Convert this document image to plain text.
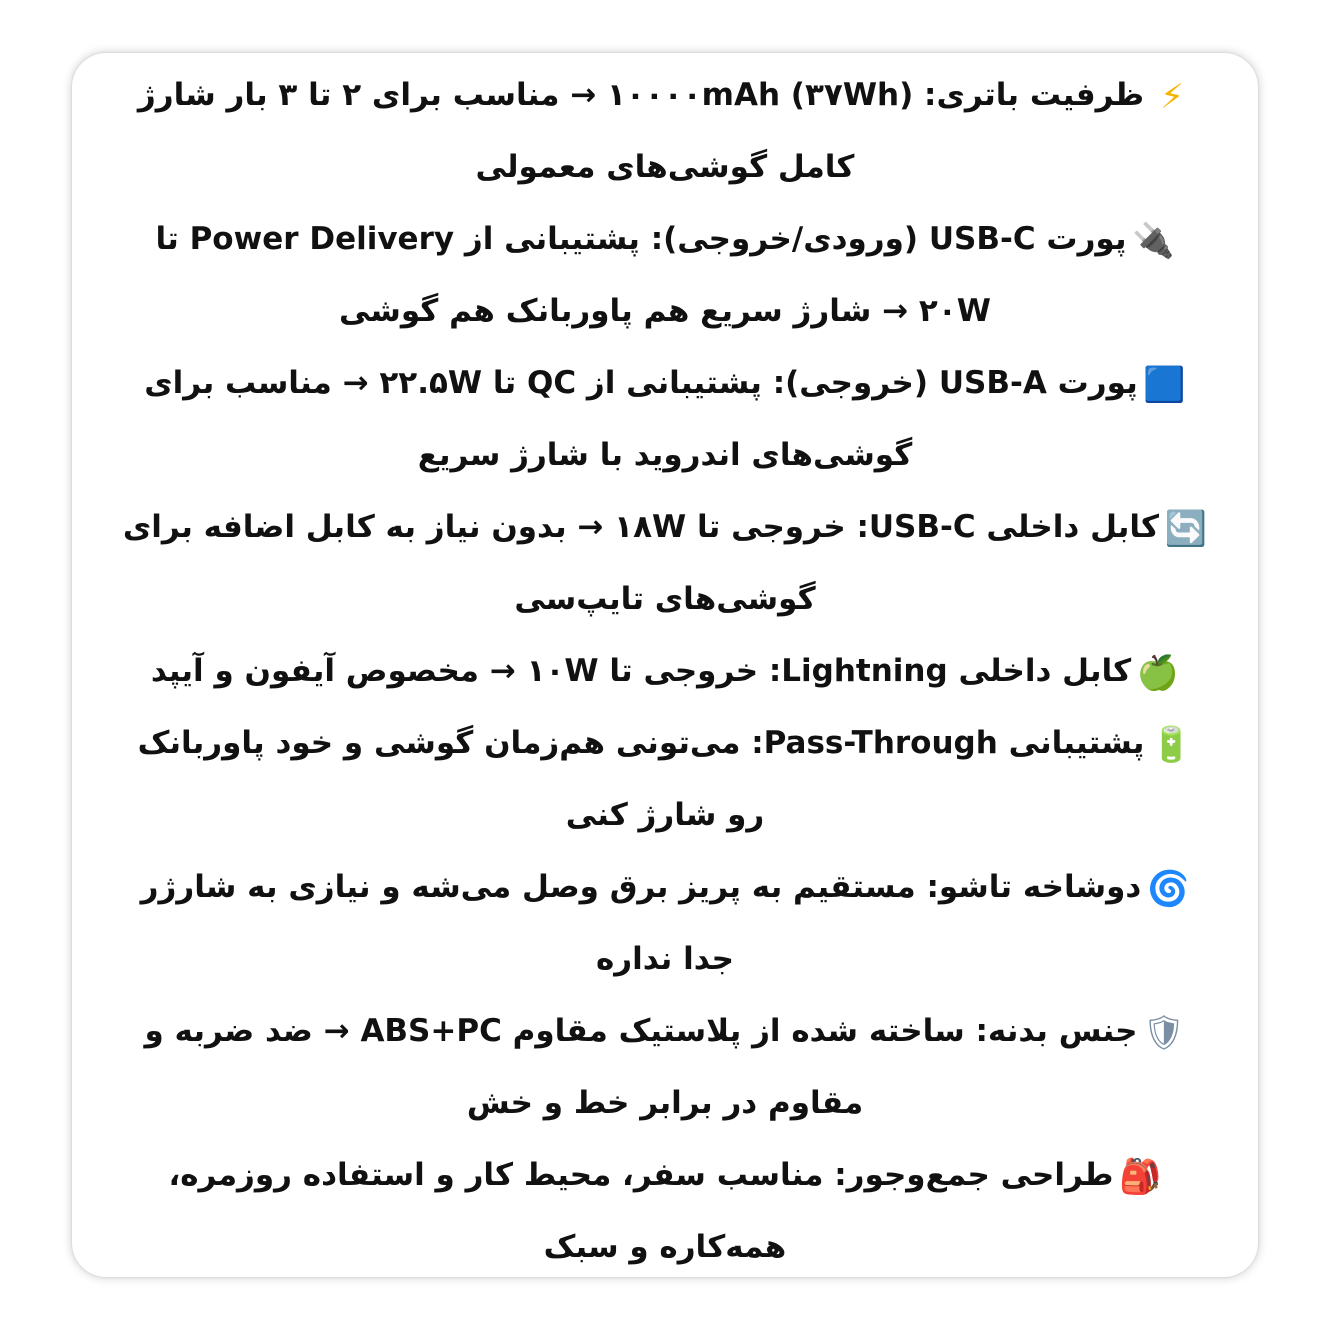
⚡ظرفیت باتری: ۱۰۰۰۰mAh (۳۷Wh) → مناسب برای ۲ تا ۳ بار شارژ کامل گوشی‌های معمولی

🔌پورت USB-C (ورودی/خروجی): پشتیبانی از Power Delivery تا ۲۰W → شارژ سریع هم پاوربانک هم گوشی

🟦پورت USB-A (خروجی): پشتیبانی از QC تا ۲۲.۵W → مناسب برای گوشی‌های اندروید با شارژ سریع

🔄کابل داخلی USB-C: خروجی تا ۱۸W → بدون نیاز به کابل اضافه برای گوشی‌های تایپ‌سی

🍏کابل داخلی Lightning: خروجی تا ۱۰W → مخصوص آیفون و آیپد

🔋پشتیبانی Pass-Through: می‌تونی هم‌زمان گوشی و خود پاوربانک رو شارژ کنی

🌀دوشاخه تاشو: مستقیم به پریز برق وصل می‌شه و نیازی به شارژر جدا نداره

🛡جنس بدنه: ساخته شده از پلاستیک مقاوم ABS+PC → ضد ضربه و مقاوم در برابر خط و خش

🎒طراحی جمع‌وجور: مناسب سفر، محیط کار و استفاده روزمره، همه‌کاره و سبک
